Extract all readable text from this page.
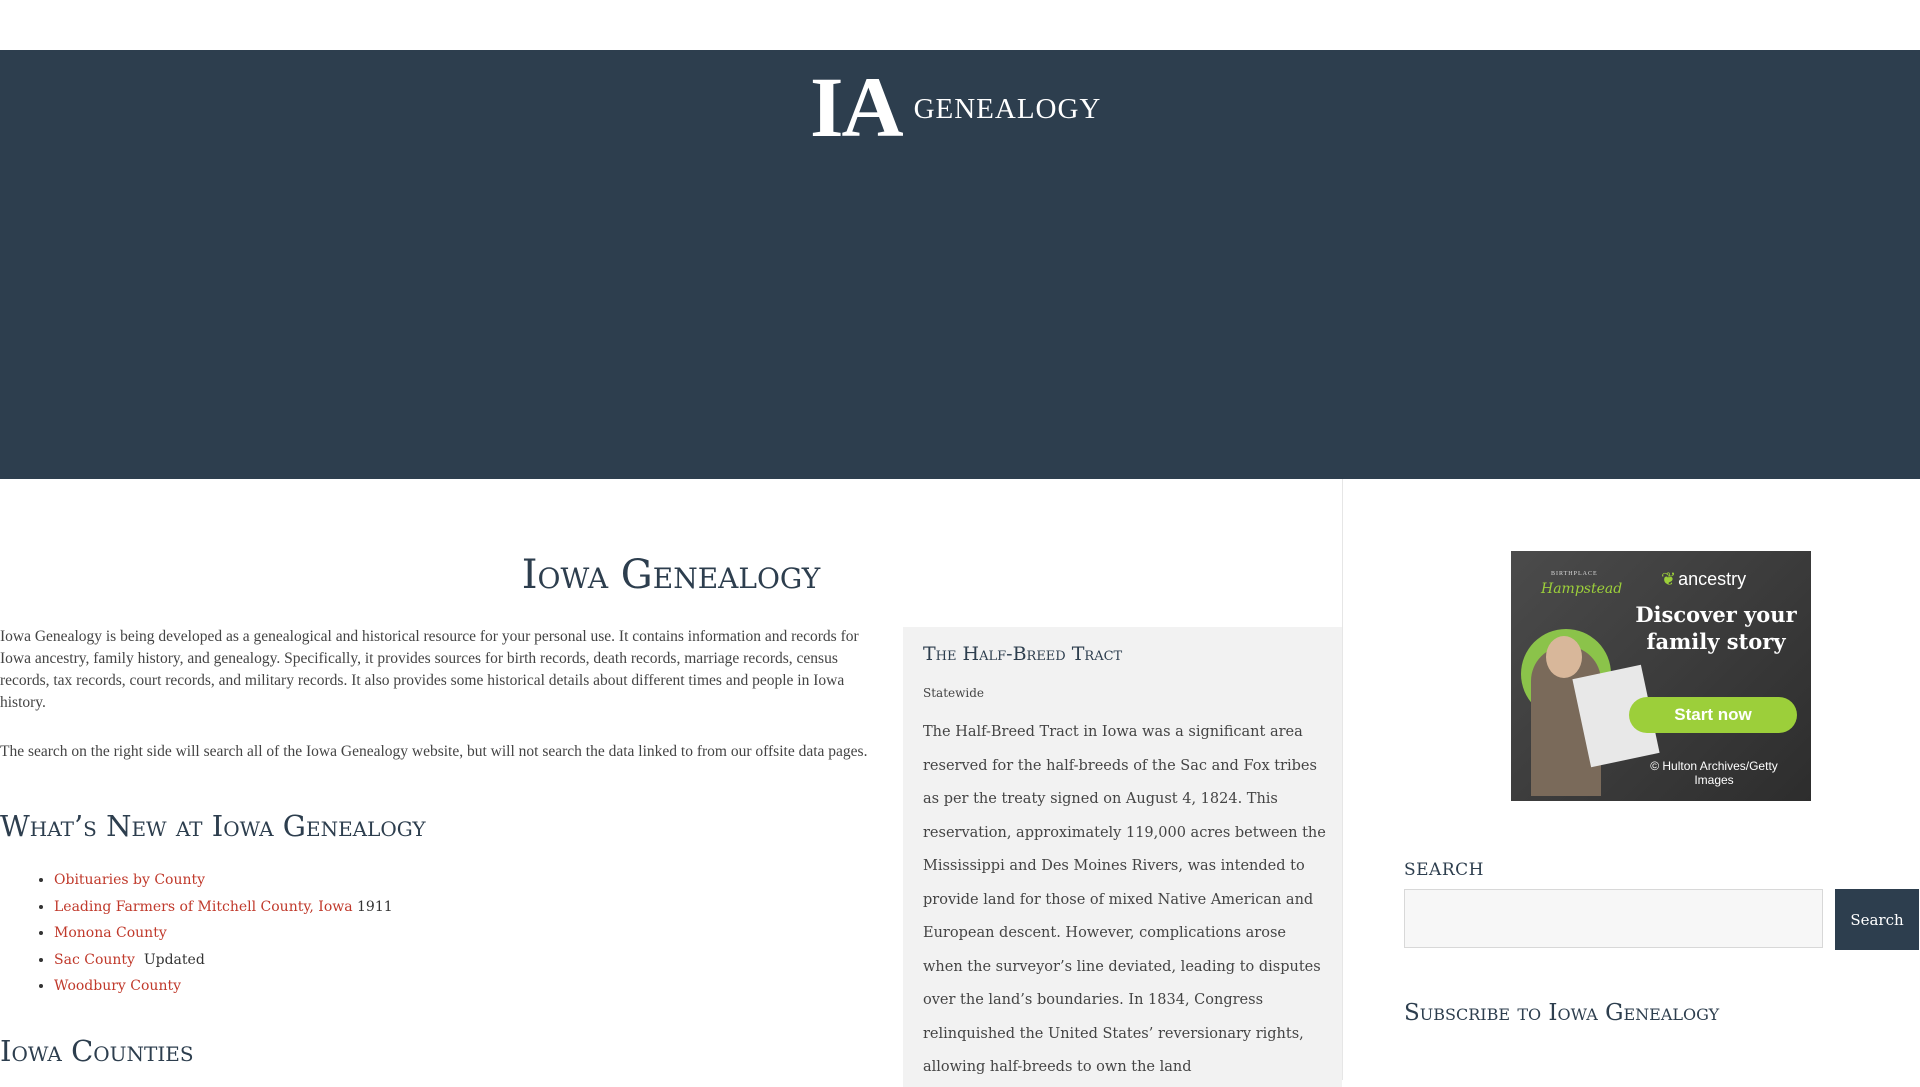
IA GENEALOGY
Iowa Genealogy

Iowa Genealogy is being developed as a genealogical and historical resource for your personal use. It contains information and records for Iowa ancestry, family history, and genealogy. Specifically, it provides sources for birth records, death records, marriage records, census records, tax records, court records, and military records. It also provides some historical details about different times and people in Iowa history.

The search on the right side will search all of the Iowa Genealogy website, but will not search the data linked to from our offsite data pages.

What’s New at Iowa Genealogy
• Obituaries by County
• Leading Farmers of Mitchell County, Iowa 1911
• Monona County
• Sac County  Updated
• Woodbury County
Iowa Counties
The Half-Breed Tract
Statewide

The Half-Breed Tract in Iowa was a significant area reserved for the half-breeds of the Sac and Fox tribes as per the treaty signed on August 4, 1824. This reservation, approximately 119,000 acres between the Mississippi and Des Moines Rivers, was intended to provide land for those of mixed Native American and European descent. However, complications arose when the surveyor’s line deviated, leading to disputes over the land’s boundaries. In 1834, Congress relinquished the United States’ reversionary rights, allowing half-breeds to own the land

BIRTHPLACE
Hampstead ❦ ancestry
Discover your family story
Start now
© Hulton Archives/Getty Images
SEARCH
Search
Subscribe to Iowa Genealogy
